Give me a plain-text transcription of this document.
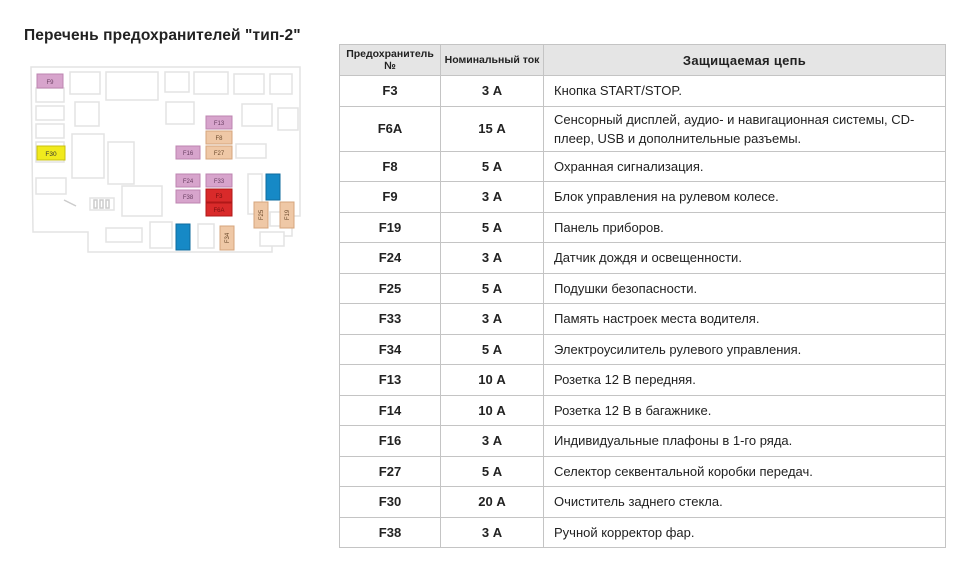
Перечень предохранителей "тип-2"
F9
F30
F13
F8
F16	F27
F24	F33
F38	F3
F6A	F25	F19
F34
Предохранитель №	Номинальный ток	Защищаемая цепь
F3	3 А	Кнопка START/STOP.
F6A	15 А	Сенсорный дисплей, аудио- и навигационная системы, CD-плеер, USB и дополнительные разъемы.
F8	5 А	Охранная сигнализация.
F9	3 А	Блок управления на рулевом колесе.
F19	5 А	Панель приборов.
F24	3 А	Датчик дождя и освещенности.
F25	5 А	Подушки безопасности.
F33	3 А	Память настроек места водителя.
F34	5 А	Электроусилитель рулевого управления.
F13	10 А	Розетка 12 В передняя.
F14	10 А	Розетка 12 В в багажнике.
F16	3 А	Индивидуальные плафоны в 1-го ряда.
F27	5 А	Селектор секвентальной коробки передач.
F30	20 А	Очиститель заднего стекла.
F38	3 А	Ручной корректор фар.
